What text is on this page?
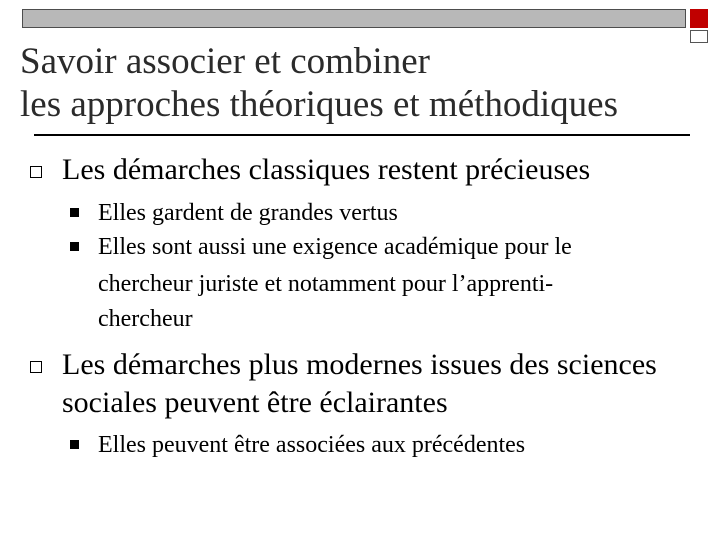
Savoir associer et combiner
les approches théoriques et méthodiques
Les démarches classiques restent précieuses
Elles gardent de grandes vertus
Elles sont aussi une exigence académique pour le
chercheur juriste et notamment pour l’apprenti-
chercheur
Les démarches plus modernes issues des sciences
sociales peuvent être éclairantes
Elles peuvent être associées aux précédentes
